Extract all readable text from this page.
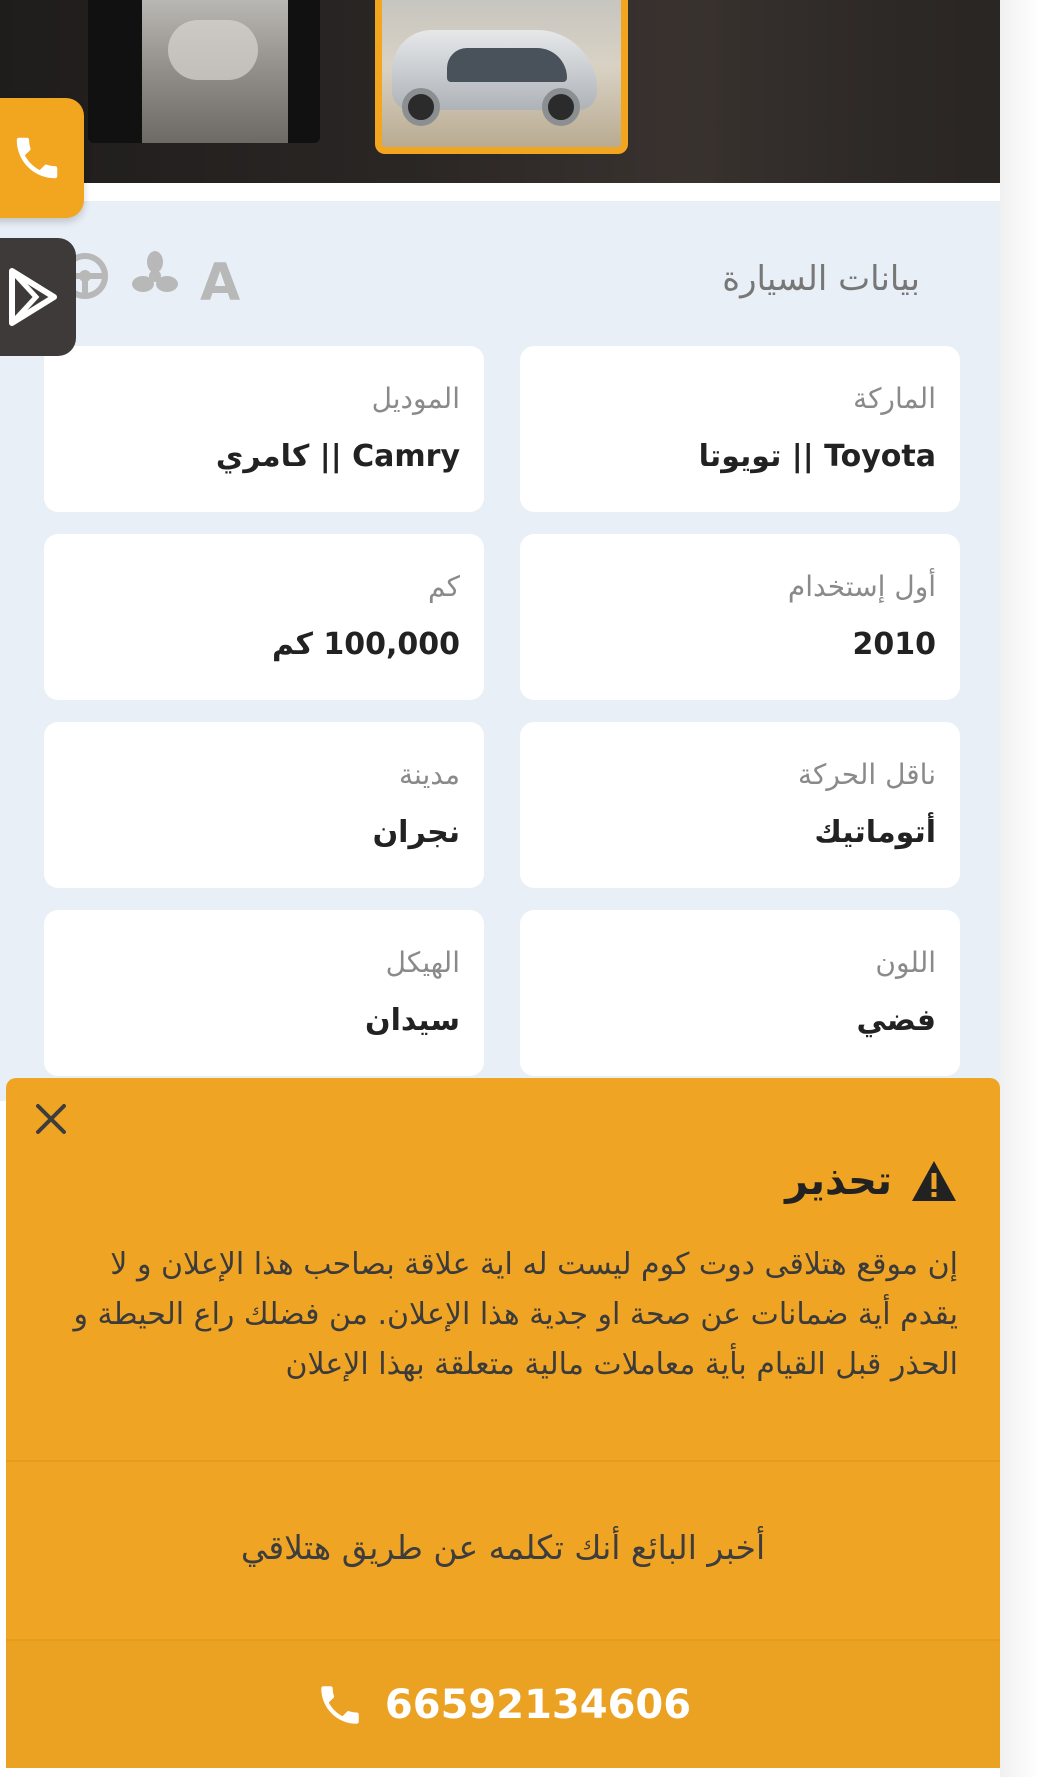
بيانات السيارة
A
الماركة
Toyota || تويوتا
الموديل
Camry || كامري
أول إستخدام
2010
كم
100,000 كم
ناقل الحركة
أتوماتيك
مدينة
نجران
اللون
فضي
الهيكل
سيدان
تحذير
إن موقع هتلاقى دوت كوم ليست له اية علاقة بصاحب هذا الإعلان و لا يقدم أية ضمانات عن صحة او جدية هذا الإعلان. من فضلك راع الحيطة و الحذر قبل القيام بأية معاملات مالية متعلقة بهذا الإعلان
أخبر البائع أنك تكلمه عن طريق هتلاقي
66592134606
